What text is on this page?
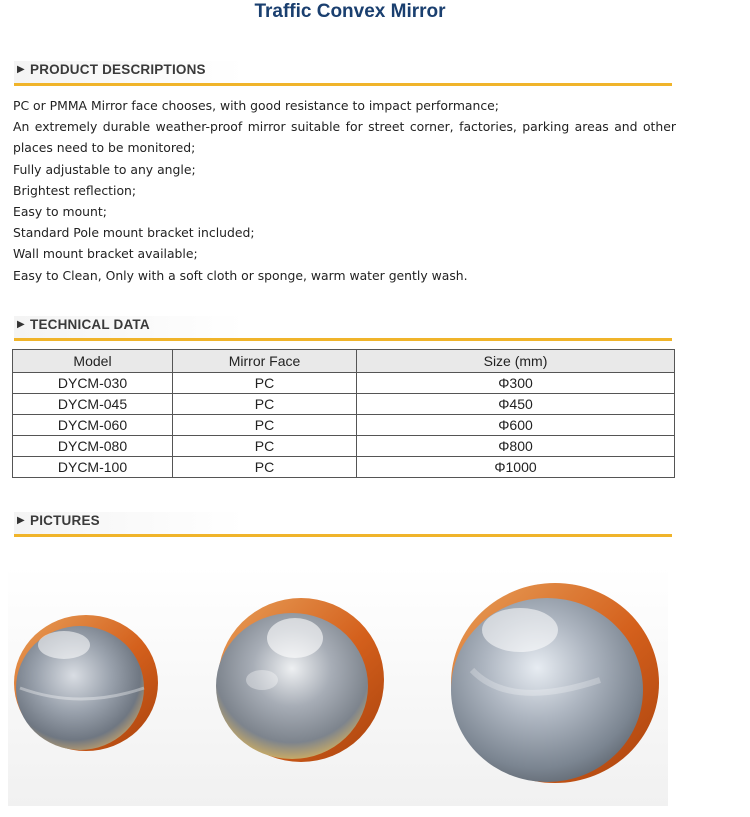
Traffic Convex Mirror
▶ PRODUCT DESCRIPTIONS

PC or PMMA Mirror face chooses, with good resistance to impact performance;

An extremely durable weather-proof mirror suitable for street corner, factories, parking areas and other places need to be monitored;

Fully adjustable to any angle;

Brightest reflection;

Easy to mount;

Standard Pole mount bracket included;

Wall mount bracket available;

Easy to Clean, Only with a soft cloth or sponge, warm water gently wash.

▶ TECHNICAL DATA
Model	Mirror Face	Size (mm)
DYCM-030	PC	Φ300
DYCM-045	PC	Φ450
DYCM-060	PC	Φ600
DYCM-080	PC	Φ800
DYCM-100	PC	Φ1000
▶ PICTURES
